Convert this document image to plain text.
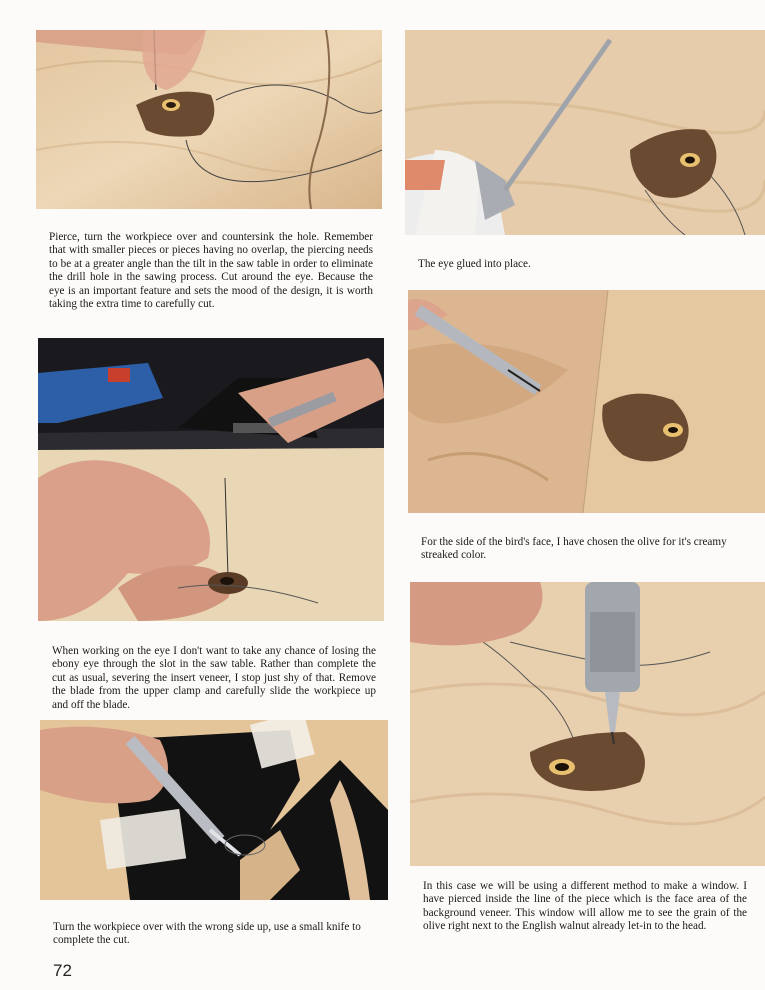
Pierce, turn the workpiece over and countersink the hole. Remember that with smaller pieces or pieces having no overlap, the piercing needs to be at a greater angle than the tilt in the saw table in order to eliminate the drill hole in the sawing process. Cut around the eye. Because the eye is an important feature and sets the mood of the design, it is worth taking the extra time to carefully cut.

When working on the eye I don't want to take any chance of losing the ebony eye through the slot in the saw table. Rather than complete the cut as usual, severing the insert veneer, I stop just shy of that. Remove the blade from the upper clamp and carefully slide the workpiece up and off the blade.

Turn the workpiece over with the wrong side up, use a small knife to complete the cut.

The eye glued into place.

For the side of the bird's face, I have chosen the olive for it's creamy streaked color.

In this case we will be using a different method to make a window. I have pierced inside the line of the piece which is the face area of the background veneer. This window will allow me to see the grain of the olive right next to the English walnut already let-in to the head.

72
